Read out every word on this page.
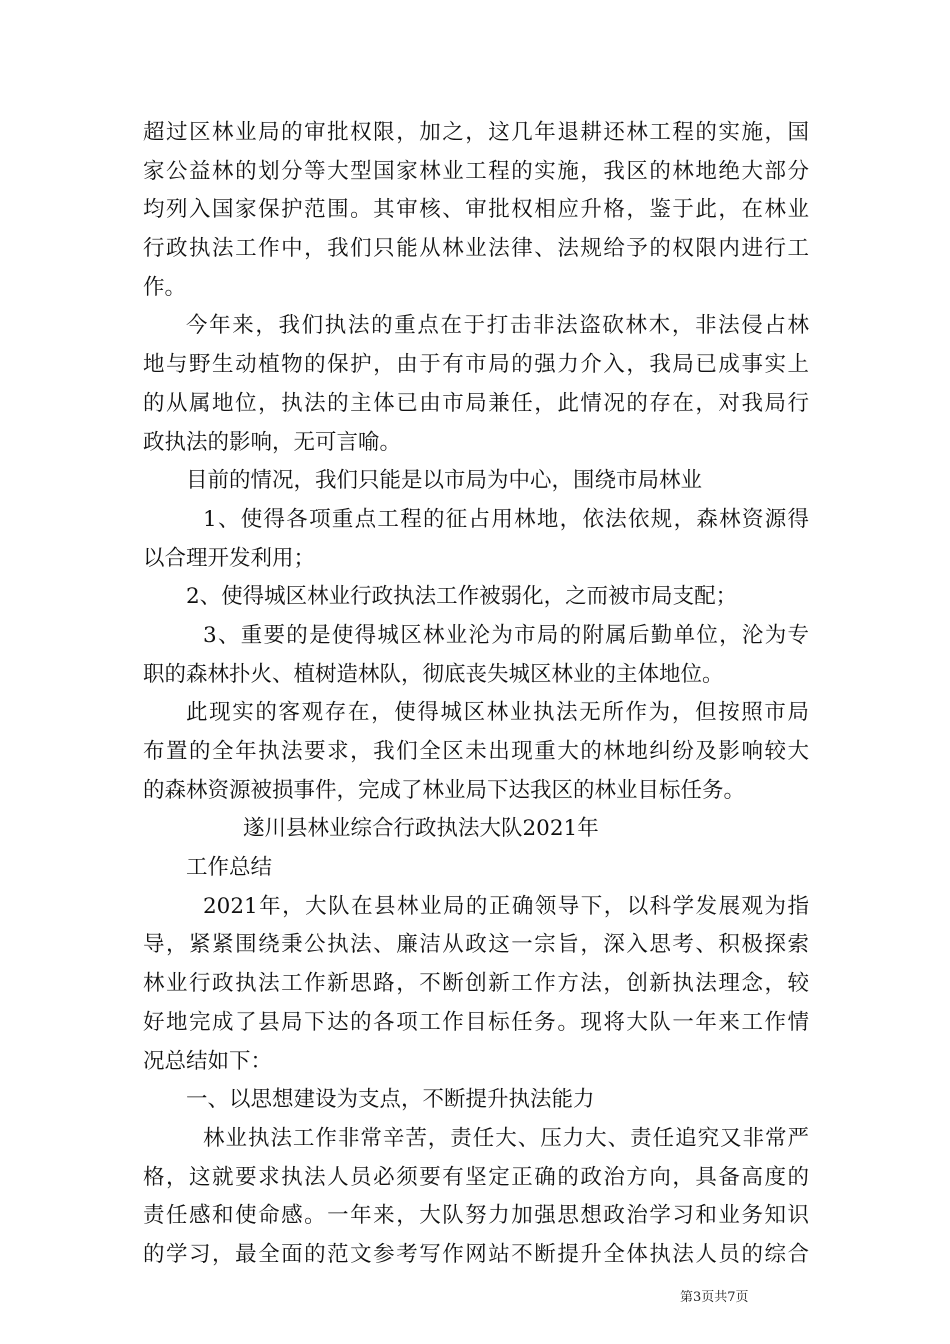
超过区林业局的审批权限，加之，这几年退耕还林工程的实施，国
家公益林的划分等大型国家林业工程的实施，我区的林地绝大部分
均列入国家保护范围。其审核、审批权相应升格，鉴于此，在林业
行政执法工作中，我们只能从林业法律、法规给予的权限内进行工
作。
今年来，我们执法的重点在于打击非法盗砍林木，非法侵占林
地与野生动植物的保护，由于有市局的强力介入，我局已成事实上
的从属地位，执法的主体已由市局兼任，此情况的存在，对我局行
政执法的影响，无可言喻。
目前的情况，我们只能是以市局为中心，围绕市局林业
1、使得各项重点工程的征占用林地，依法依规，森林资源得
以合理开发利用；
2、使得城区林业行政执法工作被弱化，之而被市局支配；
3、重要的是使得城区林业沦为市局的附属后勤单位，沦为专
职的森林扑火、植树造林队，彻底丧失城区林业的主体地位。
此现实的客观存在，使得城区林业执法无所作为，但按照市局
布置的全年执法要求，我们全区未出现重大的林地纠纷及影响较大
的森林资源被损事件，完成了林业局下达我区的林业目标任务。
遂川县林业综合行政执法大队2021年
工作总结
2021年，大队在县林业局的正确领导下，以科学发展观为指
导，紧紧围绕秉公执法、廉洁从政这一宗旨，深入思考、积极探索
林业行政执法工作新思路，不断创新工作方法，创新执法理念，较
好地完成了县局下达的各项工作目标任务。现将大队一年来工作情
况总结如下：
一、以思想建设为支点，不断提升执法能力
林业执法工作非常辛苦，责任大、压力大、责任追究又非常严
格，这就要求执法人员必须要有坚定正确的政治方向，具备高度的
责任感和使命感。一年来，大队努力加强思想政治学习和业务知识
的学习，最全面的范文参考写作网站不断提升全体执法人员的综合
第3页共7页
